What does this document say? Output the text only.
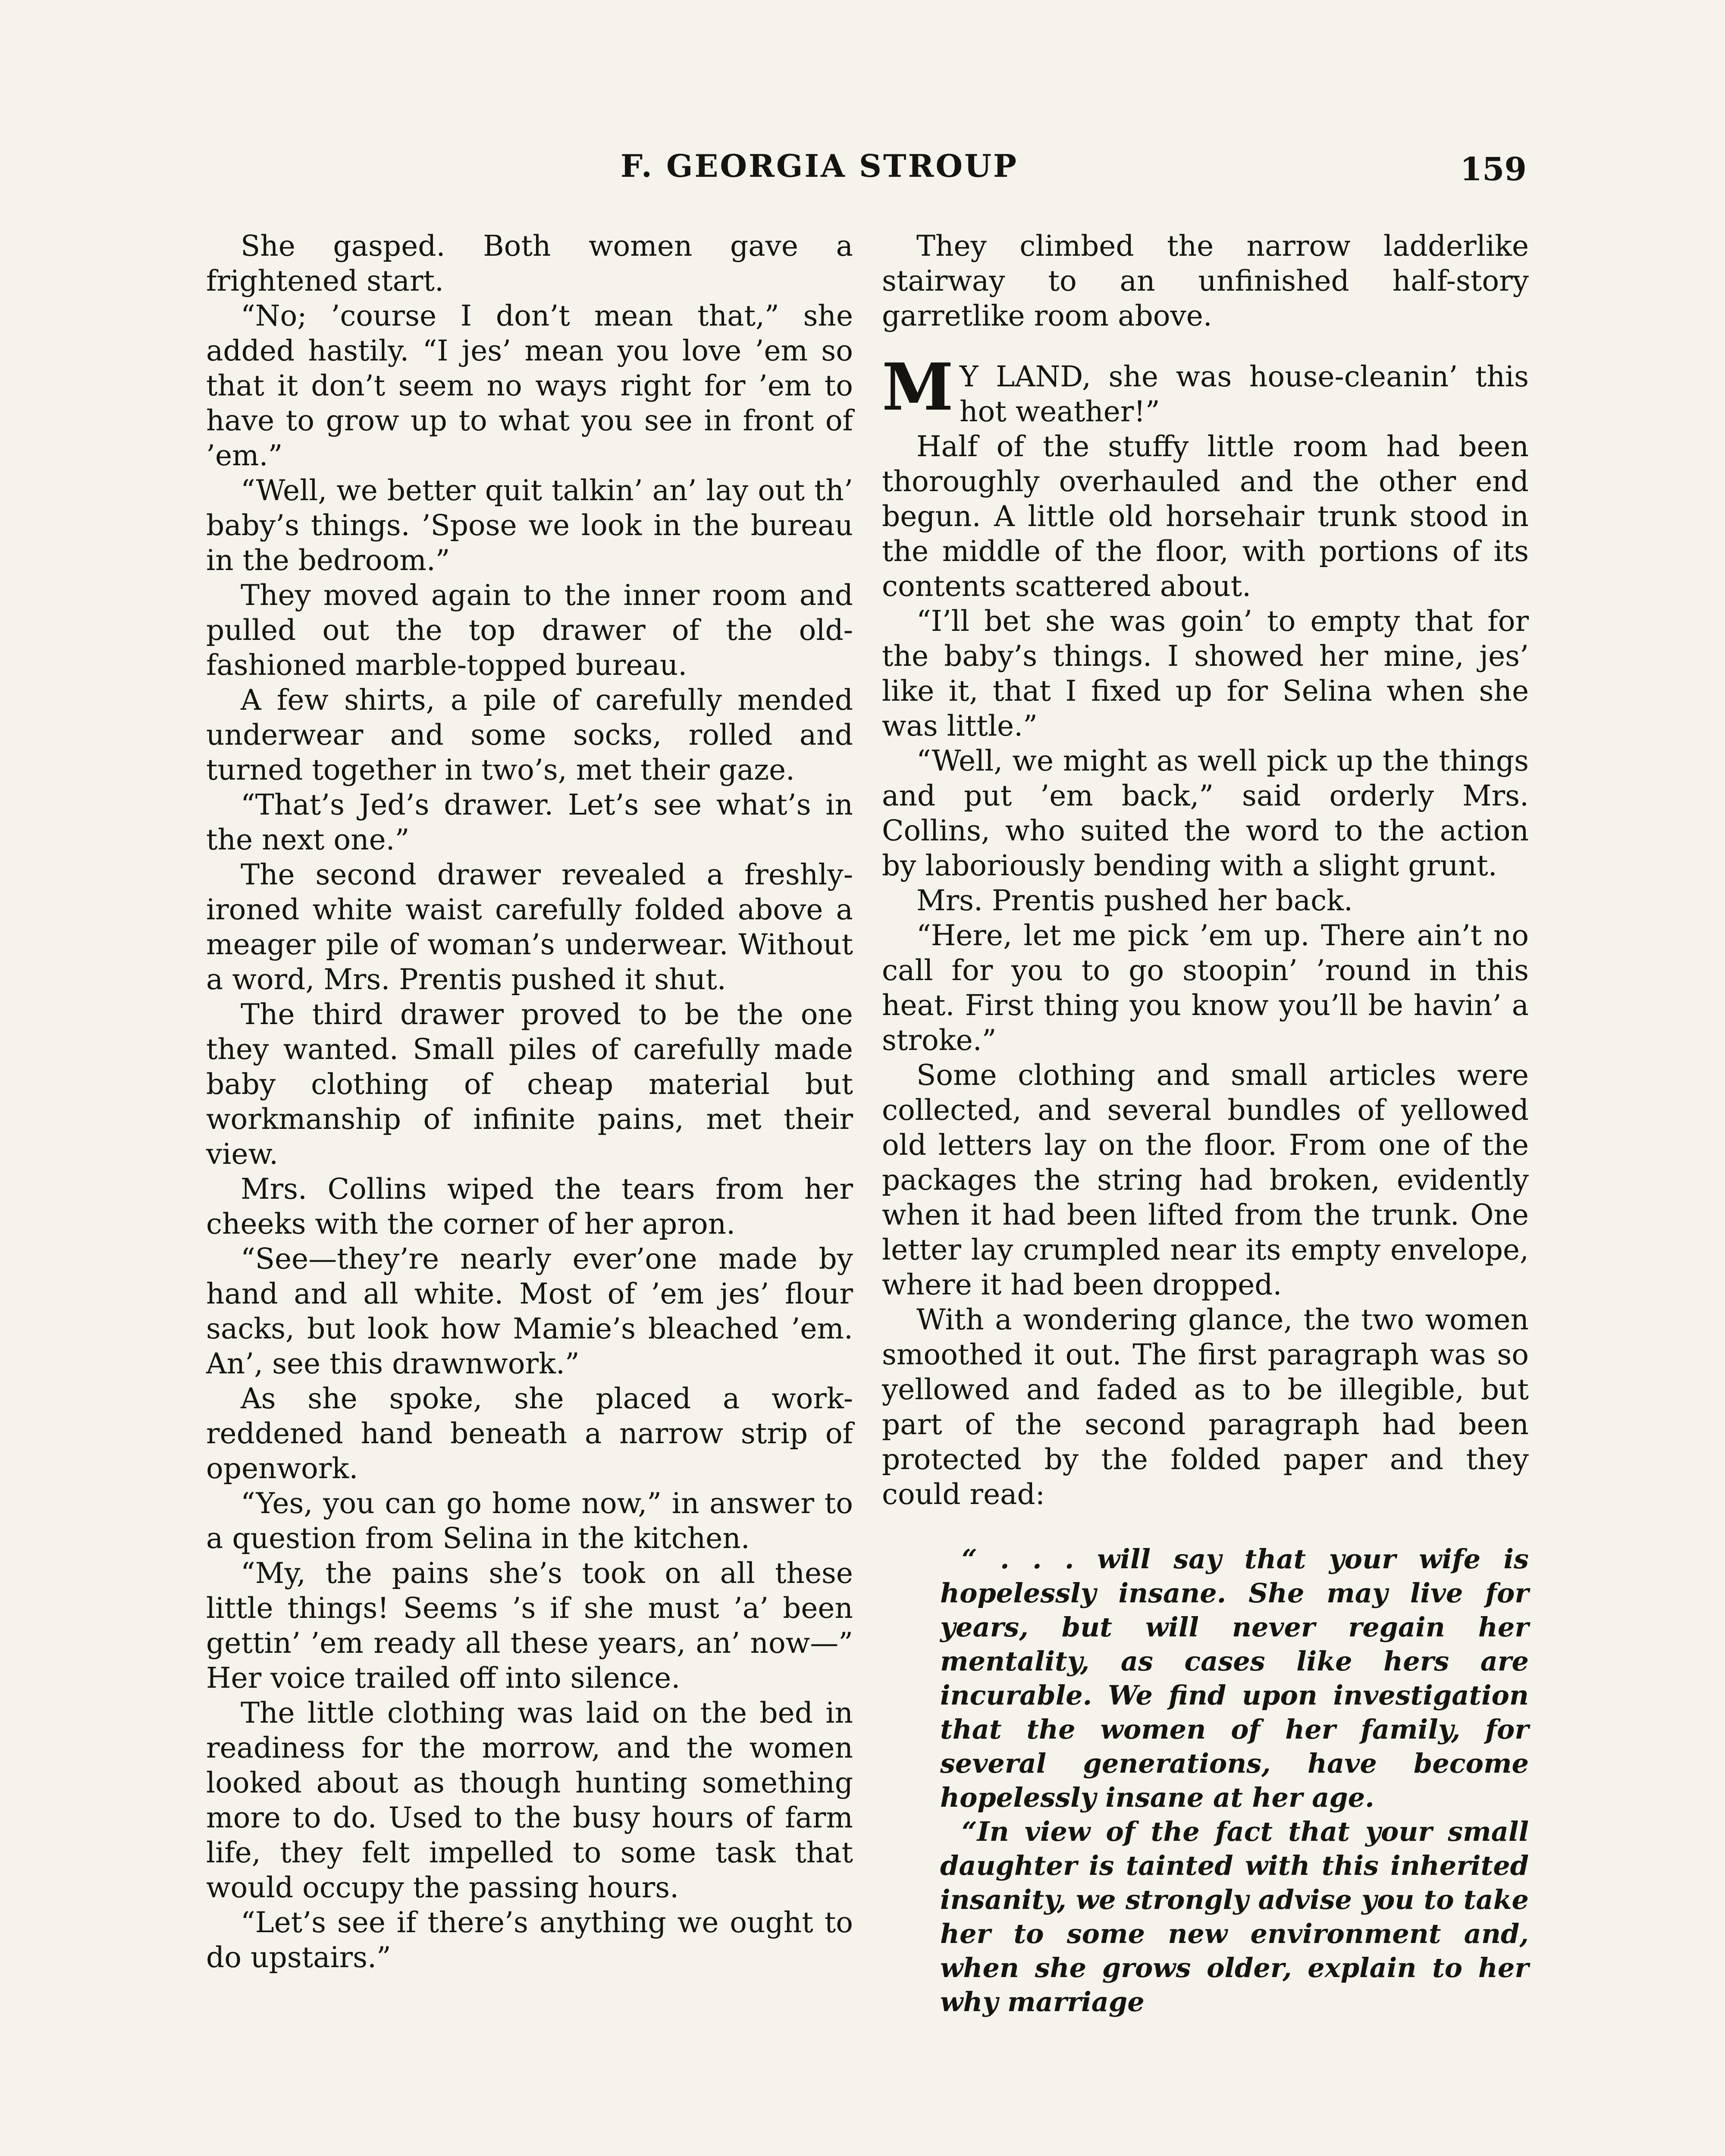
F. GEORGIA STROUP	159

She gasped. Both women gave a frightened start.

“No; ’course I don’t mean that,” she added hastily. “I jes’ mean you love ’em so that it don’t seem no ways right for ’em to have to grow up to what you see in front of ’em.”

“Well, we better quit talkin’ an’ lay out th’ baby’s things. ’Spose we look in the bureau in the bedroom.”

They moved again to the inner room and pulled out the top drawer of the old-fashioned marble-topped bureau.

A few shirts, a pile of carefully mended underwear and some socks, rolled and turned together in two’s, met their gaze.

“That’s Jed’s drawer. Let’s see what’s in the next one.”

The second drawer revealed a freshly-ironed white waist carefully folded above a meager pile of woman’s underwear. Without a word, Mrs. Prentis pushed it shut.

The third drawer proved to be the one they wanted. Small piles of carefully made baby clothing of cheap material but workmanship of infinite pains, met their view.

Mrs. Collins wiped the tears from her cheeks with the corner of her apron.

“See—they’re nearly ever’one made by hand and all white. Most of ’em jes’ flour sacks, but look how Mamie’s bleached ’em. An’, see this drawnwork.”

As she spoke, she placed a work-reddened hand beneath a narrow strip of openwork.

“Yes, you can go home now,” in answer to a question from Selina in the kitchen.

“My, the pains she’s took on all these little things! Seems ’s if she must ’a’ been gettin’ ’em ready all these years, an’ now—” Her voice trailed off into silence.

The little clothing was laid on the bed in readiness for the morrow, and the women looked about as though hunting something more to do. Used to the busy hours of farm life, they felt impelled to some task that would occupy the passing hours.

“Let’s see if there’s anything we ought to do upstairs.”

They climbed the narrow ladderlike stairway to an unfinished half-story garretlike room above.

M Y LAND, she was house-cleanin’ this hot weather!”

Half of the stuffy little room had been thoroughly overhauled and the other end begun. A little old horsehair trunk stood in the middle of the floor, with portions of its contents scattered about.

“I’ll bet she was goin’ to empty that for the baby’s things. I showed her mine, jes’ like it, that I fixed up for Selina when she was little.”

“Well, we might as well pick up the things and put ’em back,” said orderly Mrs. Collins, who suited the word to the action by laboriously bending with a slight grunt.

Mrs. Prentis pushed her back.

“Here, let me pick ’em up. There ain’t no call for you to go stoopin’ ’round in this heat. First thing you know you’ll be havin’ a stroke.”

Some clothing and small articles were collected, and several bundles of yellowed old letters lay on the floor. From one of the packages the string had broken, evidently when it had been lifted from the trunk. One letter lay crumpled near its empty envelope, where it had been dropped.

With a wondering glance, the two women smoothed it out. The first paragraph was so yellowed and faded as to be illegible, but part of the second paragraph had been protected by the folded paper and they could read:

“ . . . will say that your wife is hopelessly insane. She may live for years, but will never regain her mentality, as cases like hers are incurable. We find upon investigation that the women of her family, for several generations, have become hopelessly insane at her age.

“In view of the fact that your small daughter is tainted with this inherited insanity, we strongly advise you to take her to some new environment and, when she grows older, explain to her why marriage
